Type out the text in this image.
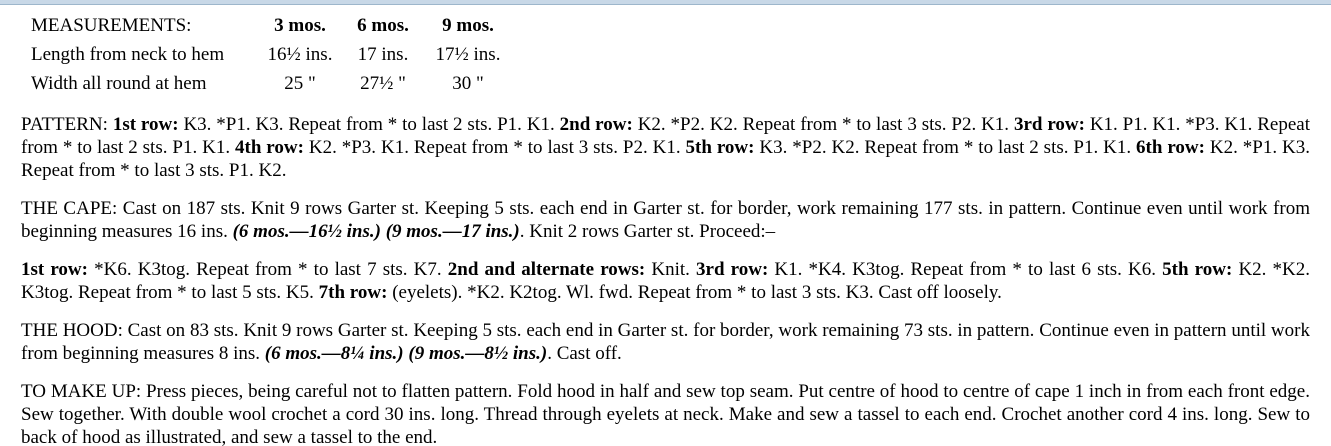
MEASUREMENTS:	3 mos.	6 mos.	9 mos.
Length from neck to hem	16½ ins.	17 ins.	17½ ins.
Width all round at hem	25 "	27½ "	30 "

PATTERN: 1st row: K3. *P1. K3. Repeat from * to last 2 sts. P1. K1. 2nd row: K2. *P2. K2. Repeat from * to last 3 sts. P2. K1. 3rd row: K1. P1. K1. *P3. K1. Repeat from * to last 2 sts. P1. K1. 4th row: K2. *P3. K1. Repeat from * to last 3 sts. P2. K1. 5th row: K3. *P2. K2. Repeat from * to last 2 sts. P1. K1. 6th row: K2. *P1. K3. Repeat from * to last 3 sts. P1. K2.

THE CAPE: Cast on 187 sts. Knit 9 rows Garter st. Keeping 5 sts. each end in Garter st. for border, work remaining 177 sts. in pattern. Continue even until work from beginning measures 16 ins. (6 mos.—16½ ins.) (9 mos.—17 ins.). Knit 2 rows Garter st. Proceed:–

1st row: *K6. K3tog. Repeat from * to last 7 sts. K7. 2nd and alternate rows: Knit. 3rd row: K1. *K4. K3tog. Repeat from * to last 6 sts. K6. 5th row: K2. *K2. K3tog. Repeat from * to last 5 sts. K5. 7th row: (eyelets). *K2. K2tog. Wl. fwd. Repeat from * to last 3 sts. K3. Cast off loosely.

THE HOOD: Cast on 83 sts. Knit 9 rows Garter st. Keeping 5 sts. each end in Garter st. for border, work remaining 73 sts. in pattern. Continue even in pattern until work from beginning measures 8 ins. (6 mos.—8¼ ins.) (9 mos.—8½ ins.). Cast off.

TO MAKE UP: Press pieces, being careful not to flatten pattern. Fold hood in half and sew top seam. Put centre of hood to centre of cape 1 inch in from each front edge. Sew together. With double wool crochet a cord 30 ins. long. Thread through eyelets at neck. Make and sew a tassel to each end. Crochet another cord 4 ins. long. Sew to back of hood as illustrated, and sew a tassel to the end.
